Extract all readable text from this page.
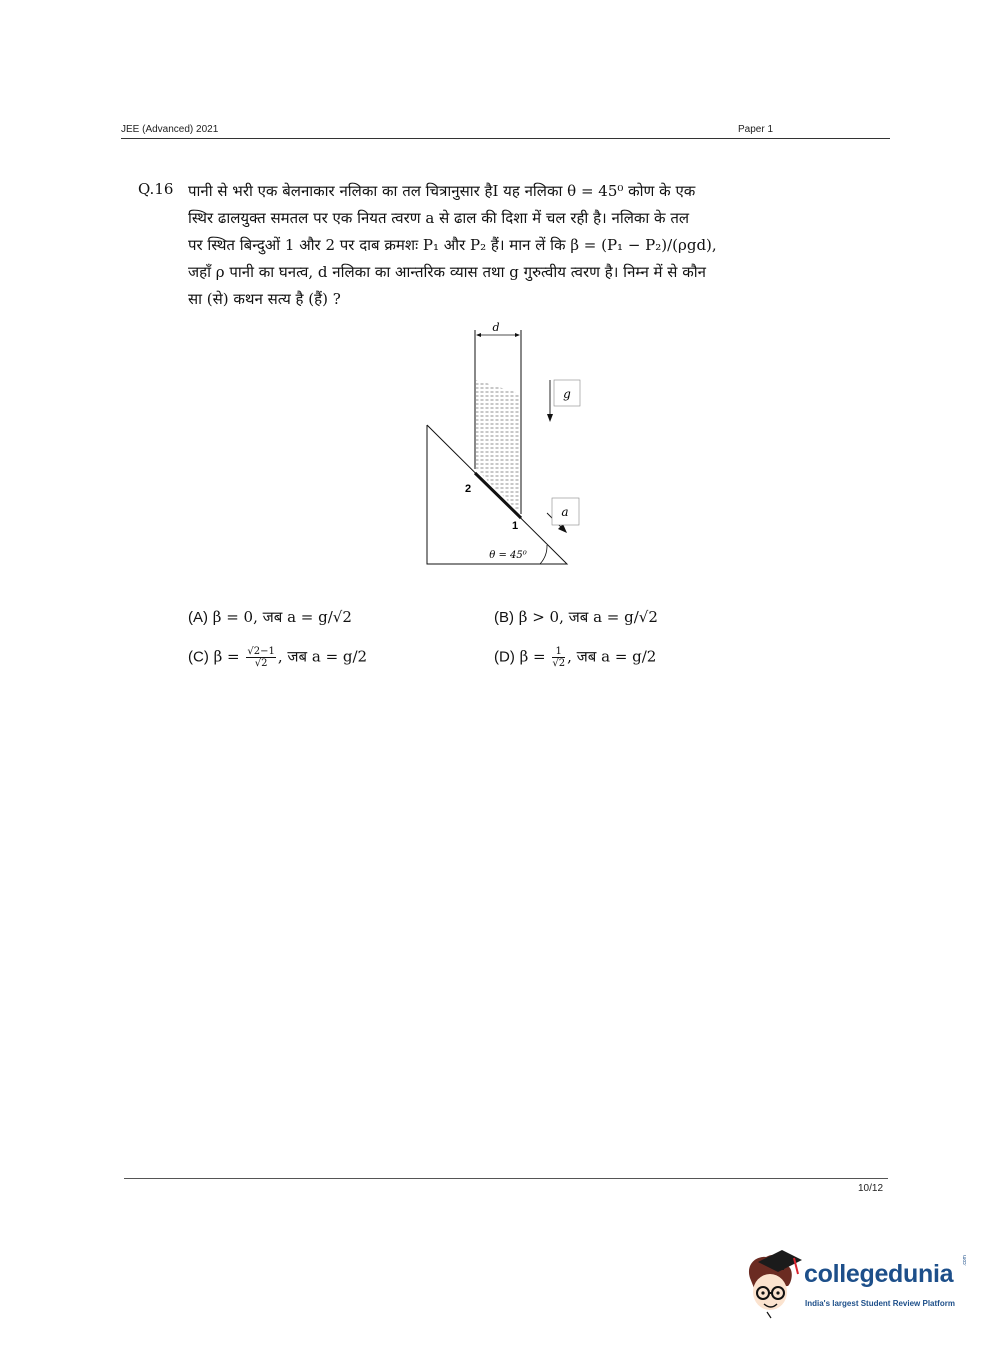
JEE (Advanced) 2021	Paper 1
Q.16 पानी से भरी एक बेलनाकार नलिका का तल चित्रानुसार हैI यह नलिका θ = 45⁰ कोण के एक
स्थिर ढालयुक्त समतल पर एक नियत त्वरण a से ढाल की दिशा में चल रही है। नलिका के तल
पर स्थित बिन्दुओं 1 और 2 पर दाब क्रमशः P₁ और P₂ हैं। मान लें कि β = (P₁ − P₂)/(ρgd),
जहाँ ρ पानी का घनत्व, d नलिका का आन्तरिक व्यास तथा g गुरुत्वीय त्वरण है। निम्न में से कौन
सा (से) कथन सत्य है (हैं) ?
d
2
1
θ = 45⁰
g
a
(A) β = 0, जब a = g/√2	(B) β > 0, जब a = g/√2
(C) $\beta = \frac{√2-1}{√2}$ , जब a = g/2	(D) $\beta = \frac{1}{√2}$ , जब a = g/2
10/12
collegedunia .com
India's largest Student Review Platform
